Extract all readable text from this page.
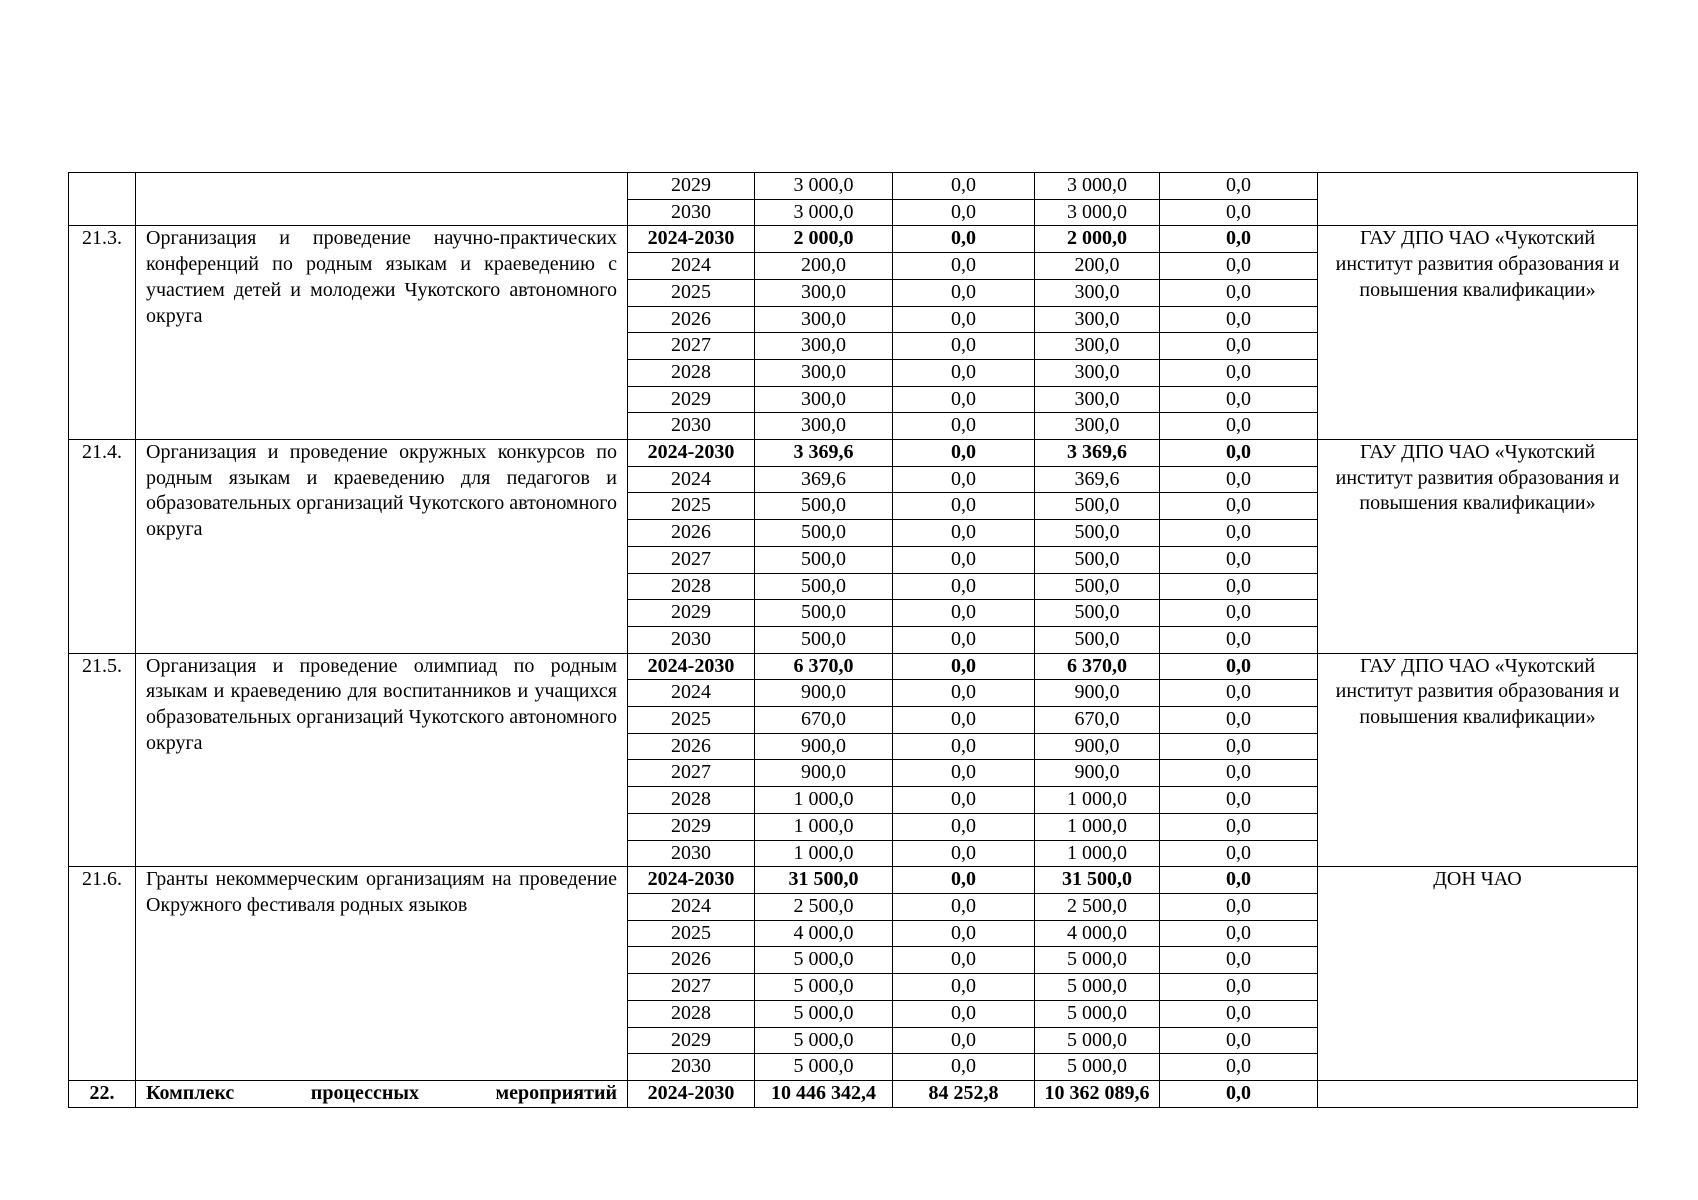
		2029	3 000,0	0,0	3 000,0	0,0	
		2030	3 000,0	0,0	3 000,0	0,0	
21.3.	Организация и проведение научно-практических конференций по родным языкам и краеведению с участием детей и молодежи Чукотского автономного округа	2024-2030	2 000,0	0,0	2 000,0	0,0	ГАУ ДПО ЧАО «Чукотский институт развития образования и повышения квалификации»

		2024	200,0	0,0	200,0	0,0	
		2025	300,0	0,0	300,0	0,0	
		2026	300,0	0,0	300,0	0,0	
		2027	300,0	0,0	300,0	0,0	
		2028	300,0	0,0	300,0	0,0	
		2029	300,0	0,0	300,0	0,0	
		2030	300,0	0,0	300,0	0,0	
21.4.	Организация и проведение окружных конкурсов по родным языкам и краеведению для педагогов и образовательных организаций Чукотского автономного округа	2024-2030	3 369,6	0,0	3 369,6	0,0	ГАУ ДПО ЧАО «Чукотский институт развития образования и повышения квалификации»

		2024	369,6	0,0	369,6	0,0	
		2025	500,0	0,0	500,0	0,0	
		2026	500,0	0,0	500,0	0,0	
		2027	500,0	0,0	500,0	0,0	
		2028	500,0	0,0	500,0	0,0	
		2029	500,0	0,0	500,0	0,0	
		2030	500,0	0,0	500,0	0,0	
21.5.	Организация и проведение олимпиад по родным языкам и краеведению для воспитанников и учащихся образовательных организаций Чукотского автономного округа	2024-2030	6 370,0	0,0	6 370,0	0,0	ГАУ ДПО ЧАО «Чукотский институт развития образования и повышения квалификации»

		2024	900,0	0,0	900,0	0,0	
		2025	670,0	0,0	670,0	0,0	
		2026	900,0	0,0	900,0	0,0	
		2027	900,0	0,0	900,0	0,0	
		2028	1 000,0	0,0	1 000,0	0,0	
		2029	1 000,0	0,0	1 000,0	0,0	
		2030	1 000,0	0,0	1 000,0	0,0	
21.6.	Гранты некоммерческим организациям на проведение Окружного фестиваля родных языков	2024-2030	31 500,0	0,0	31 500,0	0,0	ДОН ЧАО

		2024	2 500,0	0,0	2 500,0	0,0	
		2025	4 000,0	0,0	4 000,0	0,0	
		2026	5 000,0	0,0	5 000,0	0,0	
		2027	5 000,0	0,0	5 000,0	0,0	
		2028	5 000,0	0,0	5 000,0	0,0	
		2029	5 000,0	0,0	5 000,0	0,0	
		2030	5 000,0	0,0	5 000,0	0,0	
22.	Комплекс процессных мероприятий	2024-2030	10 446 342,4	84 252,8	10 362 089,6	0,0	
